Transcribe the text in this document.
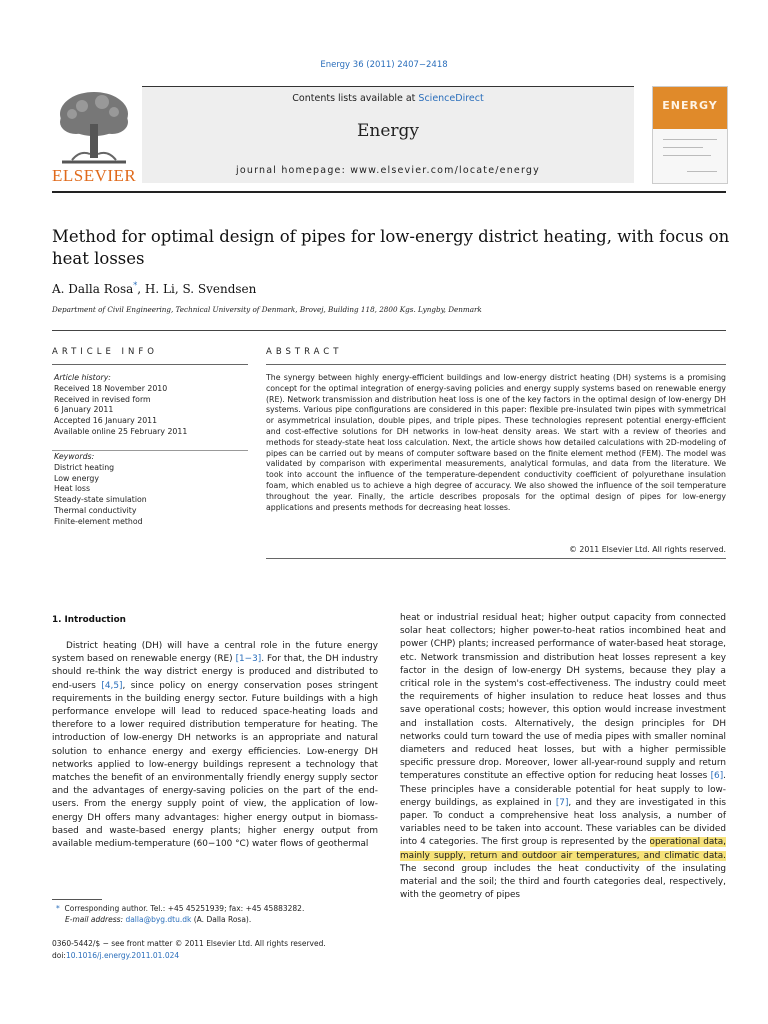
Energy 36 (2011) 2407−2418
ELSEVIER
Contents lists available at ScienceDirect
Energy
journal homepage: www.elsevier.com/locate/energy
ENERGY
Method for optimal design of pipes for low-energy district heating, with focus on
heat losses
A. Dalla Rosa*, H. Li, S. Svendsen
Department of Civil Engineering, Technical University of Denmark, Brovej, Building 118, 2800 Kgs. Lyngby, Denmark
ARTICLE INFO
Article history:
Received 18 November 2010
Received in revised form
6 January 2011
Accepted 16 January 2011
Available online 25 February 2011
Keywords:
District heating
Low energy
Heat loss
Steady-state simulation
Thermal conductivity
Finite-element method
ABSTRACT
The synergy between highly energy-efficient buildings and low-energy district heating (DH) systems is a promising concept for the optimal integration of energy-saving policies and energy supply systems based on renewable energy (RE). Network transmission and distribution heat loss is one of the key factors in the optimal design of low-energy DH systems. Various pipe configurations are considered in this paper: flexible pre-insulated twin pipes with symmetrical or asymmetrical insulation, double pipes, and triple pipes. These technologies represent potential energy-efficient and cost-effective solutions for DH networks in low-heat density areas. We start with a review of theories and methods for steady-state heat loss calculation. Next, the article shows how detailed calculations with 2D-modeling of pipes can be carried out by means of computer software based on the finite element method (FEM). The model was validated by comparison with experimental measurements, analytical formulas, and data from the literature. We took into account the influence of the temperature-dependent conductivity coefficient of polyurethane insulation foam, which enabled us to achieve a high degree of accuracy. We also showed the influence of the soil temperature throughout the year. Finally, the article describes proposals for the optimal design of pipes for low-energy applications and presents methods for decreasing heat losses.
© 2011 Elsevier Ltd. All rights reserved.
1. Introduction

District heating (DH) will have a central role in the future energy system based on renewable energy (RE) [1−3]. For that, the DH industry should re-think the way district energy is produced and distributed to end-users [4,5], since policy on energy conservation poses stringent requirements in the building energy sector. Future buildings with a high performance envelope will lead to reduced space-heating loads and therefore to a lower required distribution temperature for heating. The introduction of low-energy DH networks is an appropriate and natural solution to enhance energy and exergy efficiencies. Low-energy DH networks applied to low-energy buildings represent a technology that matches the benefit of an environmentally friendly energy supply sector and the advantages of energy-saving policies on the part of the end-users. From the energy supply point of view, the application of low-energy DH offers many advantages: higher energy output in biomass-based and waste-based energy plants; higher energy output from available medium-temperature (60−100 °C) water flows of geothermal

heat or industrial residual heat; higher output capacity from connected solar heat collectors; higher power-to-heat ratios incombined heat and power (CHP) plants; increased performance of water-based heat storage, etc. Network transmission and distribution heat losses represent a key factor in the design of low-energy DH systems, because they play a critical role in the system's cost-effectiveness. The industry could meet the requirements of higher insulation to reduce heat losses and thus save operational costs; however, this option would increase investment and installation costs. Alternatively, the design principles for DH networks could turn toward the use of media pipes with smaller nominal diameters and reduced heat losses, but with a higher permissible specific pressure drop. Moreover, lower all-year-round supply and return temperatures constitute an effective option for reducing heat losses [6]. These principles have a considerable potential for heat supply to low-energy buildings, as explained in [7], and they are investigated in this paper. To conduct a comprehensive heat loss analysis, a number of variables need to be taken into account. These variables can be divided into 4 categories. The first group is represented by the operational data, mainly supply, return and outdoor air temperatures, and climatic data. The second group includes the heat conductivity of the insulating material and the soil; the third and fourth categories deal, respectively, with the geometry of pipes

* Corresponding author. Tel.: +45 45251939; fax: +45 45883282.
E-mail address: dalla@byg.dtu.dk (A. Dalla Rosa).
0360-5442/$ − see front matter © 2011 Elsevier Ltd. All rights reserved.
doi:10.1016/j.energy.2011.01.024
